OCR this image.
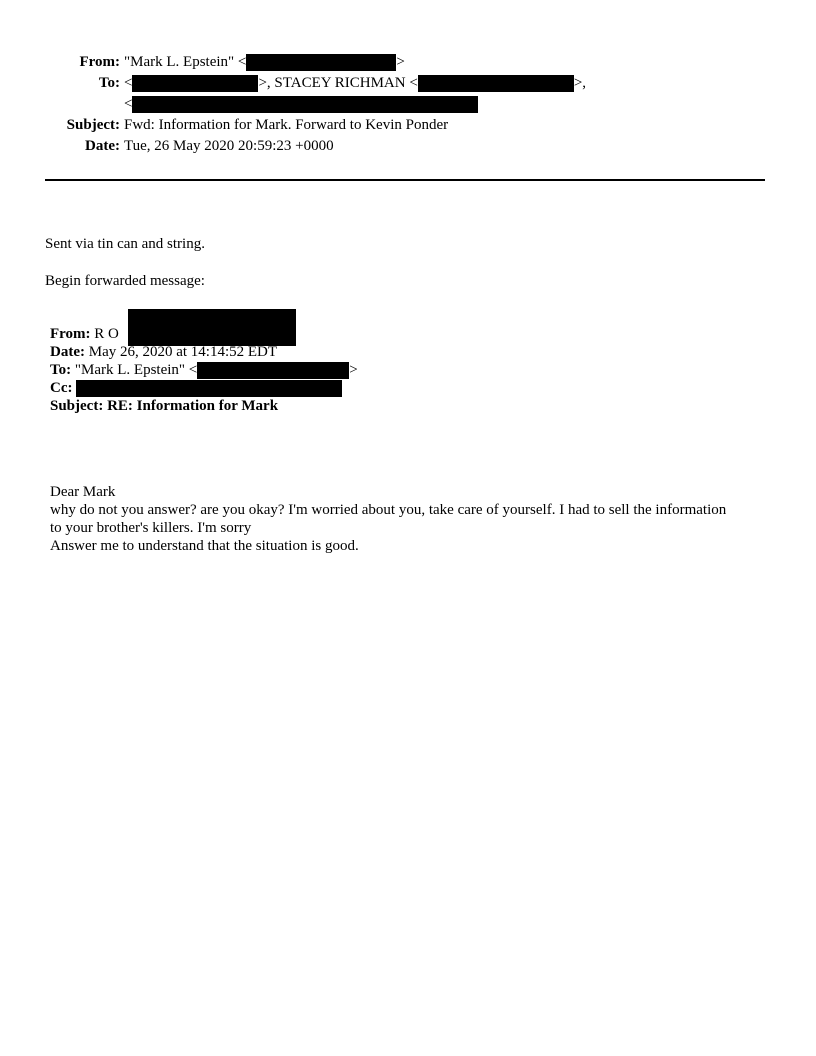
From: "Mark L. Epstein" <	>
To: <	>, STACEY RICHMAN <	>,
<
Subject: Fwd: Information for Mark. Forward to Kevin Ponder
Date: Tue, 26 May 2020 20:59:23 +0000
Sent via tin can and string.
Begin forwarded message:
From: R O
Date: May 26, 2020 at 14:14:52 EDT
To: "Mark L. Epstein" <	>
Cc:
Subject: RE: Information for Mark
Dear Mark
why do not you answer? are you okay? I'm worried about you, take care of yourself. I had to sell the information to your brother's killers. I'm sorry
Answer me to understand that the situation is good.
